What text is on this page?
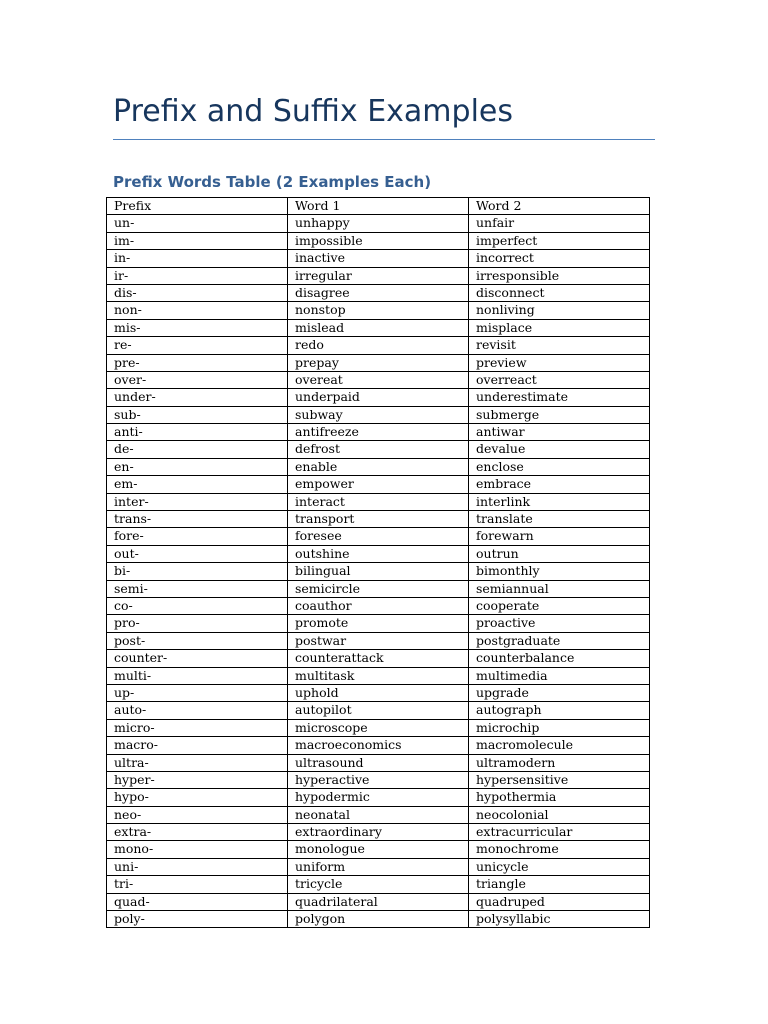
Prefix and Suffix Examples
Prefix Words Table (2 Examples Each)
Prefix	Word 1	Word 2
un-	unhappy	unfair
im-	impossible	imperfect
in-	inactive	incorrect
ir-	irregular	irresponsible
dis-	disagree	disconnect
non-	nonstop	nonliving
mis-	mislead	misplace
re-	redo	revisit
pre-	prepay	preview
over-	overeat	overreact
under-	underpaid	underestimate
sub-	subway	submerge
anti-	antifreeze	antiwar
de-	defrost	devalue
en-	enable	enclose
em-	empower	embrace
inter-	interact	interlink
trans-	transport	translate
fore-	foresee	forewarn
out-	outshine	outrun
bi-	bilingual	bimonthly
semi-	semicircle	semiannual
co-	coauthor	cooperate
pro-	promote	proactive
post-	postwar	postgraduate
counter-	counterattack	counterbalance
multi-	multitask	multimedia
up-	uphold	upgrade
auto-	autopilot	autograph
micro-	microscope	microchip
macro-	macroeconomics	macromolecule
ultra-	ultrasound	ultramodern
hyper-	hyperactive	hypersensitive
hypo-	hypodermic	hypothermia
neo-	neonatal	neocolonial
extra-	extraordinary	extracurricular
mono-	monologue	monochrome
uni-	uniform	unicycle
tri-	tricycle	triangle
quad-	quadrilateral	quadruped
poly-	polygon	polysyllabic
